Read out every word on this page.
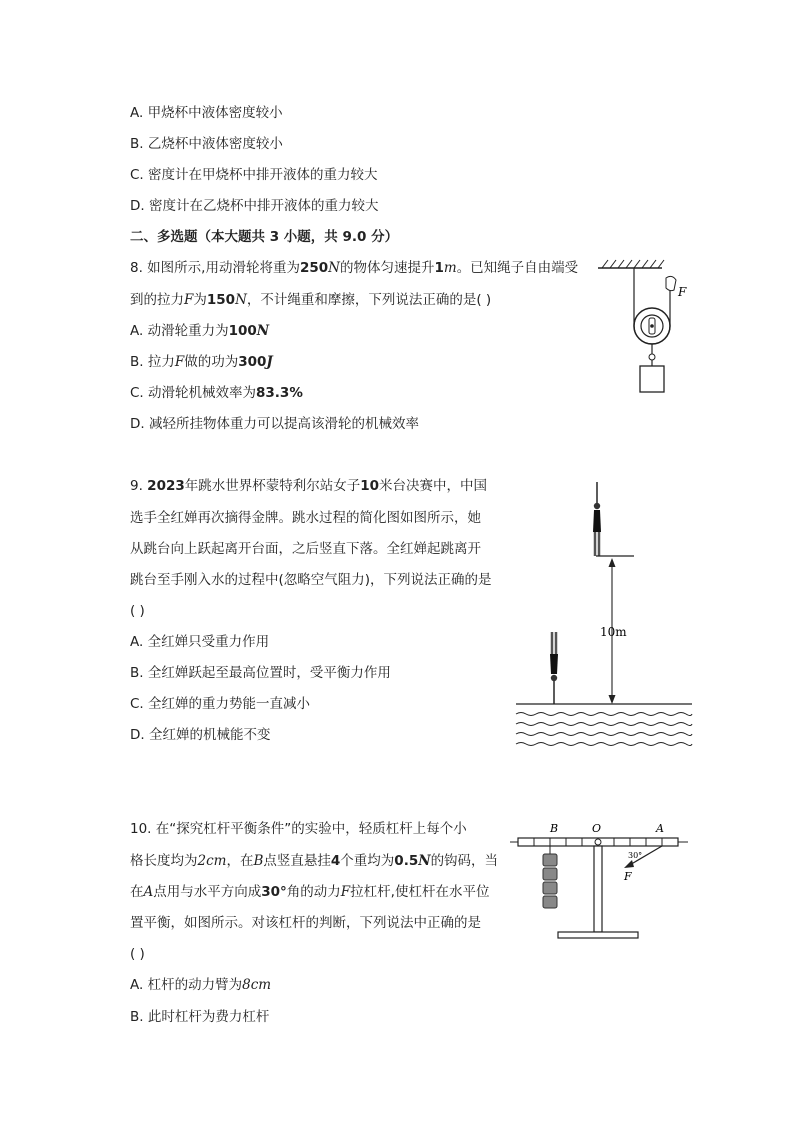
A. 甲烧杯中液体密度较小
B. 乙烧杯中液体密度较小
C. 密度计在甲烧杯中排开液体的重力较大
D. 密度计在乙烧杯中排开液体的重力较大
二、多选题（本大题共 3 小题，共 9.0 分）
8. 如图所示,用动滑轮将重为250N的物体匀速提升1m。已知绳子自由端受
到的拉力F为150N，不计绳重和摩擦，下列说法正确的是( )
A. 动滑轮重力为100N
B. 拉力F做的功为300J
C. 动滑轮机械效率为83.3%
D. 减轻所挂物体重力可以提高该滑轮的机械效率
F
9. 2023年跳水世界杯蒙特利尔站女子10米台决赛中，中国
选手全红婵再次摘得金牌。跳水过程的简化图如图所示，她
从跳台向上跃起离开台面，之后竖直下落。全红婵起跳离开
跳台至手刚入水的过程中(忽略空气阻力)，下列说法正确的是
( )
A. 全红婵只受重力作用
B. 全红婵跃起至最高位置时，受平衡力作用
C. 全红婵的重力势能一直减小
D. 全红婵的机械能不变
10m
10. 在“探究杠杆平衡条件”的实验中，轻质杠杆上每个小
格长度均为2cm，在B点竖直悬挂4个重均为0.5N的钩码，当
在A点用与水平方向成30°角的动力F拉杠杆,使杠杆在水平位
置平衡，如图所示。对该杠杆的判断，下列说法中正确的是
( )
A. 杠杆的动力臂为8cm
B. 此时杠杆为费力杠杆
O
B	A
30°
F
